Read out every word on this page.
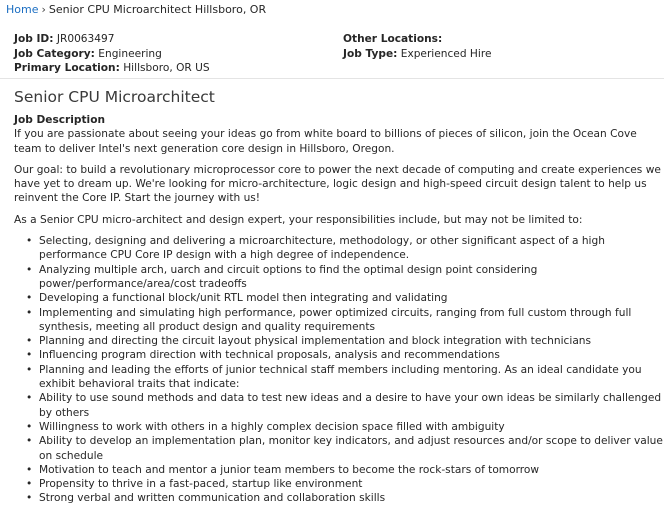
Home › Senior CPU Microarchitect Hillsboro, OR
Job ID: JR0063497
Job Category: Engineering
Primary Location: Hillsboro, OR US
Other Locations:
Job Type: Experienced Hire
Senior CPU Microarchitect

Job Description

If you are passionate about seeing your ideas go from white board to billions of pieces of silicon, join the Ocean Cove team to deliver Intel's next generation core design in Hillsboro, Oregon.

Our goal: to build a revolutionary microprocessor core to power the next decade of computing and create experiences we have yet to dream up. We're looking for micro-architecture, logic design and high-speed circuit design talent to help us reinvent the Core IP. Start the journey with us!

As a Senior CPU micro-architect and design expert, your responsibilities include, but may not be limited to:

• Selecting, designing and delivering a microarchitecture, methodology, or other significant aspect of a high performance CPU Core IP design with a high degree of independence.
• Analyzing multiple arch, uarch and circuit options to find the optimal design point considering power/performance/area/cost tradeoffs
• Developing a functional block/unit RTL model then integrating and validating
• Implementing and simulating high performance, power optimized circuits, ranging from full custom through full synthesis, meeting all product design and quality requirements
• Planning and directing the circuit layout physical implementation and block integration with technicians
• Influencing program direction with technical proposals, analysis and recommendations
• Planning and leading the efforts of junior technical staff members including mentoring. As an ideal candidate you exhibit behavioral traits that indicate:
• Ability to use sound methods and data to test new ideas and a desire to have your own ideas be similarly challenged by others
• Willingness to work with others in a highly complex decision space filled with ambiguity
• Ability to develop an implementation plan, monitor key indicators, and adjust resources and/or scope to deliver value on schedule
• Motivation to teach and mentor a junior team members to become the rock-stars of tomorrow
• Propensity to thrive in a fast-paced, startup like environment
• Strong verbal and written communication and collaboration skills
